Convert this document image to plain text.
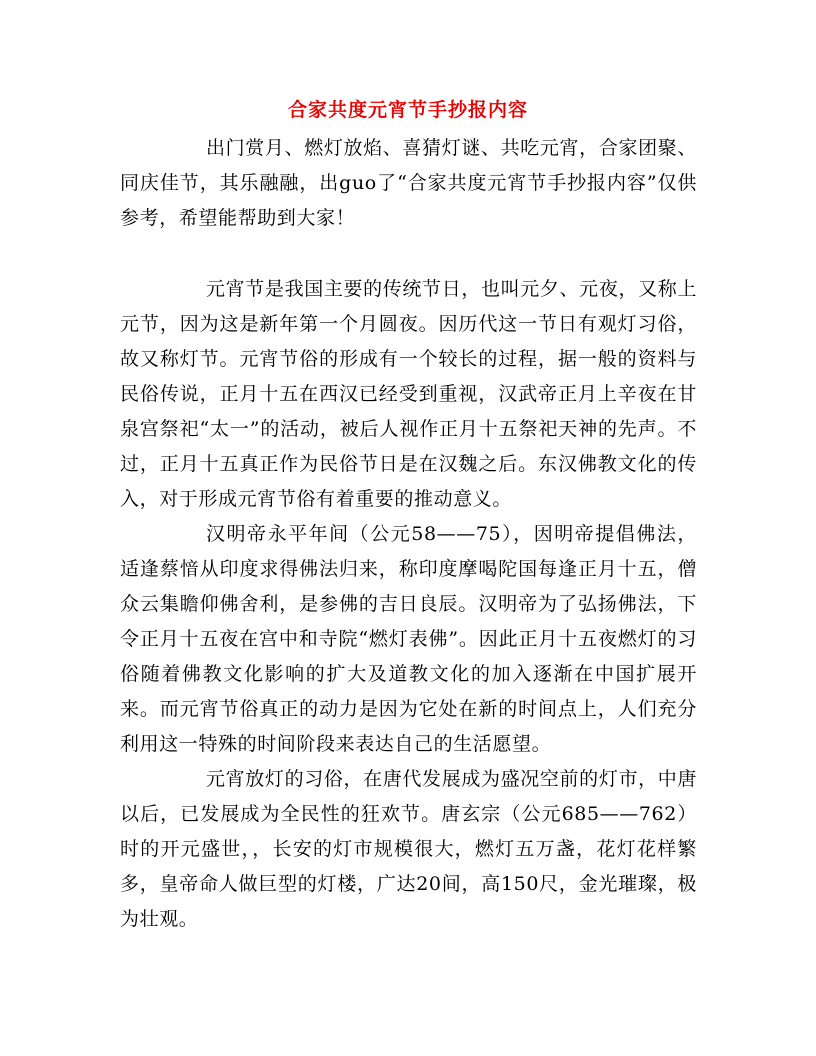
合家共度元宵节手抄报内容

出门赏月、燃灯放焰、喜猜灯谜、共吃元宵，合家团聚、同庆佳节，其乐融融，出guo了“合家共度元宵节手抄报内容”仅供参考，希望能帮助到大家！

元宵节是我国主要的传统节日，也叫元夕、元夜，又称上元节，因为这是新年第一个月圆夜。因历代这一节日有观灯习俗，故又称灯节。元宵节俗的形成有一个较长的过程，据一般的资料与民俗传说，正月十五在西汉已经受到重视，汉武帝正月上辛夜在甘泉宫祭祀“太一”的活动，被后人视作正月十五祭祀天神的先声。不过，正月十五真正作为民俗节日是在汉魏之后。东汉佛教文化的传入，对于形成元宵节俗有着重要的推动意义。

汉明帝永平年间（公元58——75），因明帝提倡佛法，适逢蔡愔从印度求得佛法归来，称印度摩喝陀国每逢正月十五，僧众云集瞻仰佛舍利，是参佛的吉日良辰。汉明帝为了弘扬佛法，下令正月十五夜在宫中和寺院“燃灯表佛”。因此正月十五夜燃灯的习俗随着佛教文化影响的扩大及道教文化的加入逐渐在中国扩展开来。而元宵节俗真正的动力是因为它处在新的时间点上，人们充分利用这一特殊的时间阶段来表达自己的生活愿望。

元宵放灯的习俗，在唐代发展成为盛况空前的灯市，中唐以后，已发展成为全民性的狂欢节。唐玄宗（公元685——762）时的开元盛世，，长安的灯市规模很大，燃灯五万盏，花灯花样繁多，皇帝命人做巨型的灯楼，广达20间，高150尺，金光璀璨，极为壮观。
